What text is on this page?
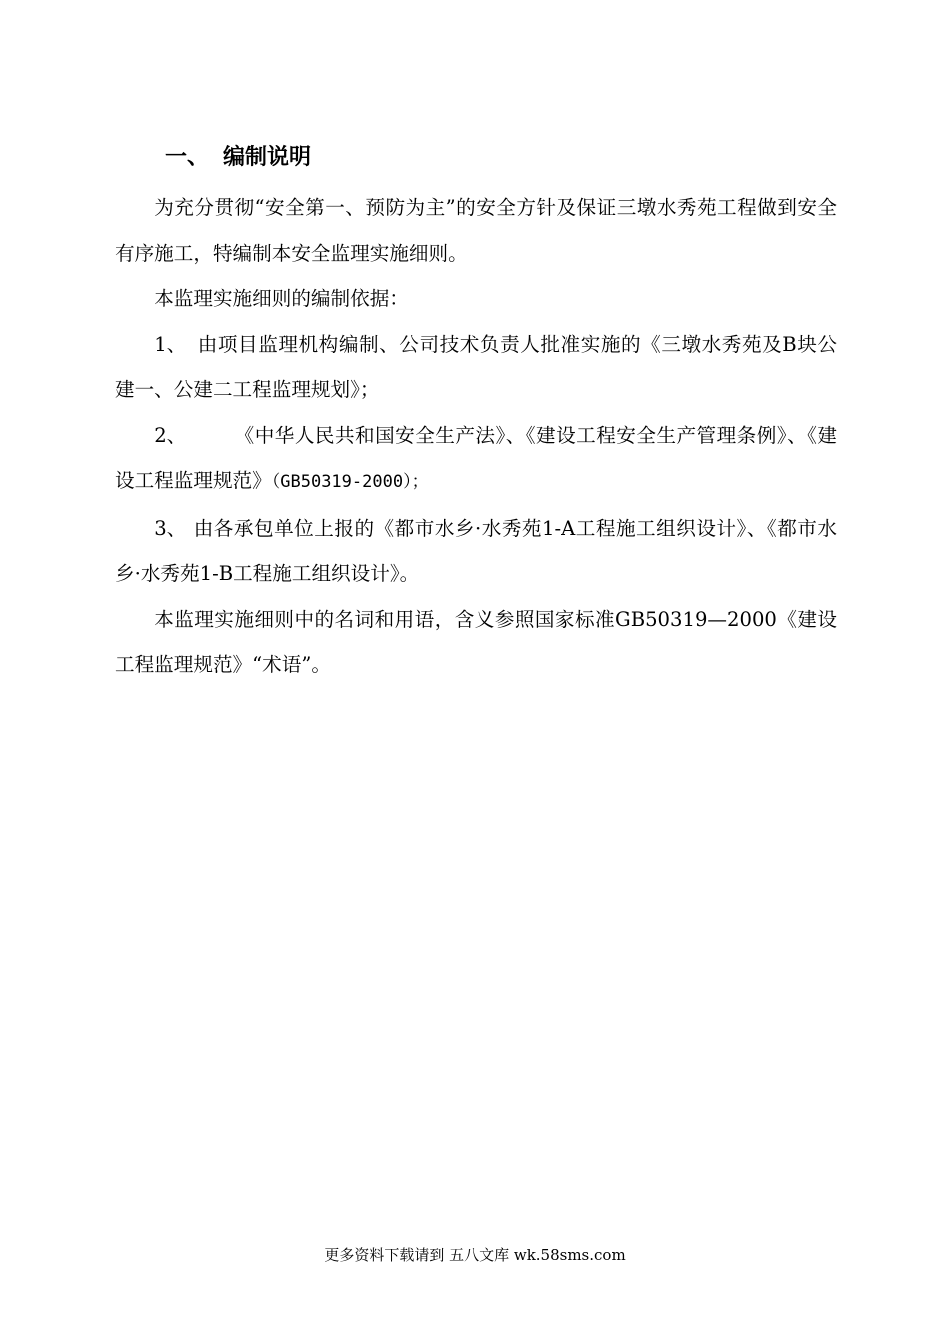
一、 编制说明

为充分贯彻“安全第一、预防为主”的安全方针及保证三墩水秀苑工程做到安全有序施工，特编制本安全监理实施细则。

本监理实施细则的编制依据：

1、 由项目监理机构编制、公司技术负责人批准实施的《三墩水秀苑及B块公建一、公建二工程监理规划》；

2、 《中华人民共和国安全生产法》、《建设工程安全生产管理条例》、《建设工程监理规范》（GB50319-2000）；

3、 由各承包单位上报的《都市水乡·水秀苑1-A工程施工组织设计》、《都市水乡·水秀苑1-B工程施工组织设计》。

本监理实施细则中的名词和用语，含义参照国家标准GB50319—2000《建设工程监理规范》“术语”。

更多资料下载请到 五八文库 wk.58sms.com
